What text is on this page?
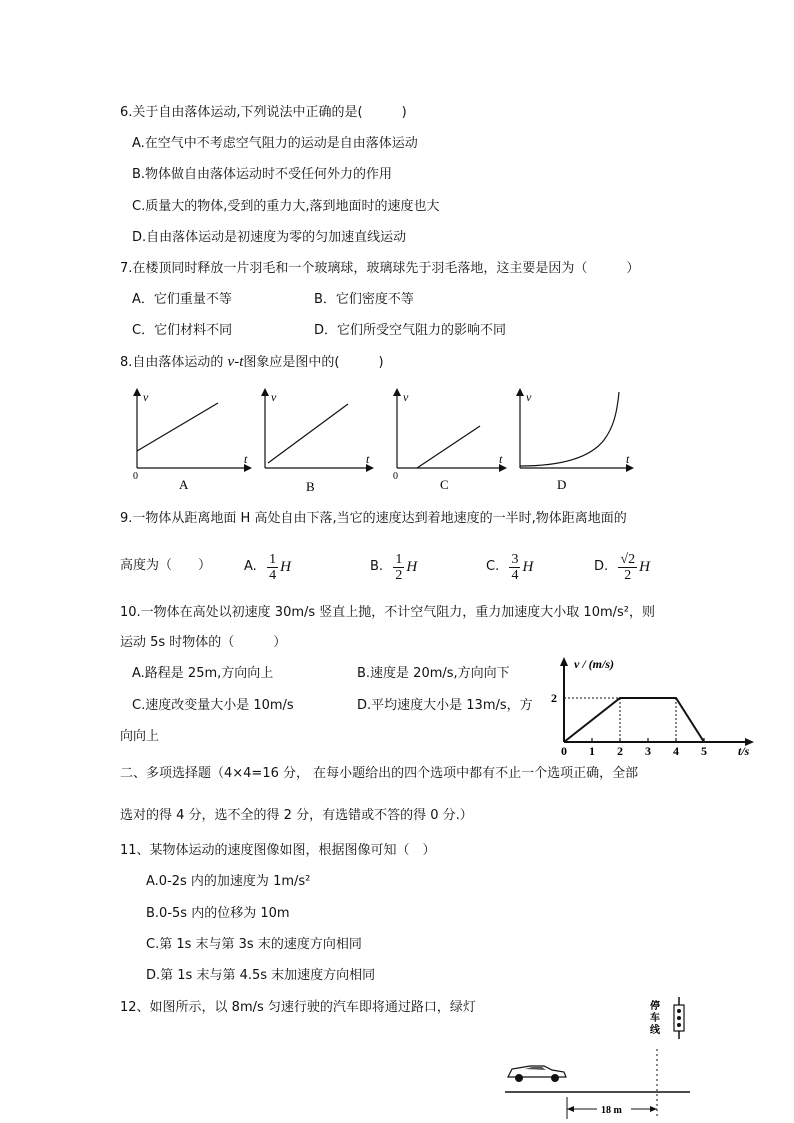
6.关于自由落体运动,下列说法中正确的是(　　　)
A.在空气中不考虑空气阻力的运动是自由落体运动
B.物体做自由落体运动时不受任何外力的作用
C.质量大的物体,受到的重力大,落到地面时的速度也大
D.自由落体运动是初速度为零的匀加速直线运动
7.在楼顶同时释放一片羽毛和一个玻璃球，玻璃球先于羽毛落地，这主要是因为（　　　）
A．它们重量不等	B．它们密度不等
C．它们材料不同	D．它们所受空气阻力的影响不同
8.自由落体运动的 v-t图象应是图中的(　　　)
v
t
0
A
v
t
B
v
t
0
C
v
t
D
9.一物体从距离地面 H 高处自由下落,当它的速度达到着地速度的一半时,物体距离地面的
高度为（　　）	A.
$\frac{1}{4}$ H	B.
$\frac{1}{2}$ H	C.
$\frac{3}{4}$ H	D.
$\frac{√2}{2}$ H
10.一物体在高处以初速度 30m/s 竖直上抛，不计空气阻力，重力加速度大小取 10m/s²，则
运动 5s 时物体的（　　　）
A.路程是 25m,方向向上	B.速度是 20m/s,方向向下
C.速度改变量大小是 10m/s	D.平均速度大小是 13m/s，方
向向上
0 1 2 3 4 5
2
v / (m/s)
t/s
二、多项选择题（4×4=16 分， 在每小题给出的四个选项中都有不止一个选项正确，全部
选对的得 4 分，选不全的得 2 分，有选错或不答的得 0 分.）
11、某物体运动的速度图像如图，根据图像可知（　）
A.0-2s 内的加速度为 1m/s²
B.0-5s 内的位移为 10m
C.第 1s 末与第 3s 末的速度方向相同
D.第 1s 末与第 4.5s 末加速度方向相同
12、如图所示，以 8m/s 匀速行驶的汽车即将通过路口，绿灯	停车线
18 m
